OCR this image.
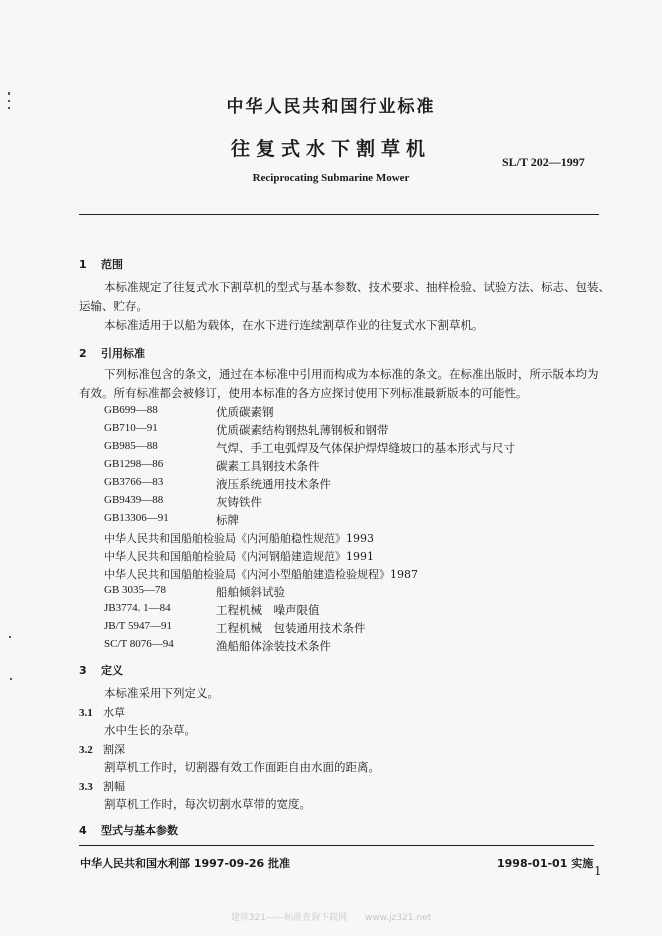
中华人民共和国行业标准
往复式水下割草机
SL/T 202—1997
Reciprocating Submarine Mower
1 范围
本标准规定了往复式水下割草机的型式与基本参数、技术要求、抽样检验、试验方法、标志、包装、
运输、贮存。
本标准适用于以船为载体，在水下进行连续割草作业的往复式水下割草机。
2 引用标准
下列标准包含的条文，通过在本标准中引用而构成为本标准的条文。在标准出版时，所示版本均为
有效。所有标准都会被修订，使用本标准的各方应探讨使用下列标准最新版本的可能性。
GB699—88	优质碳素钢
GB710—91	优质碳素结构钢热轧薄钢板和钢带
GB985—88	气焊、手工电弧焊及气体保护焊焊缝坡口的基本形式与尺寸
GB1298—86	碳素工具钢技术条件
GB3766—83	液压系统通用技术条件
GB9439—88	灰铸铁件
GB13306—91	标牌
中华人民共和国船舶检验局《内河船舶稳性规范》1993
中华人民共和国船舶检验局《内河钢船建造规范》1991
中华人民共和国船舶检验局《内河小型船舶建造检验规程》1987
GB 3035—78	船舶倾斜试验
JB3774. 1—84	工程机械　噪声限值
JB/T 5947—91	工程机械　包装通用技术条件
SC/T 8076—94	渔船船体涂装技术条件
3 定义
本标准采用下列定义。
3.1 水草
水中生长的杂草。
3.2 割深
割草机工作时，切割器有效工作面距自由水面的距离。
3.3 割幅
割草机工作时，每次切割水草带的宽度。
4 型式与基本参数
中华人民共和国水利部 1997-09-26 批准	1998-01-01 实施
1
建筑321——标准查询下载网　　www.jz321.net
